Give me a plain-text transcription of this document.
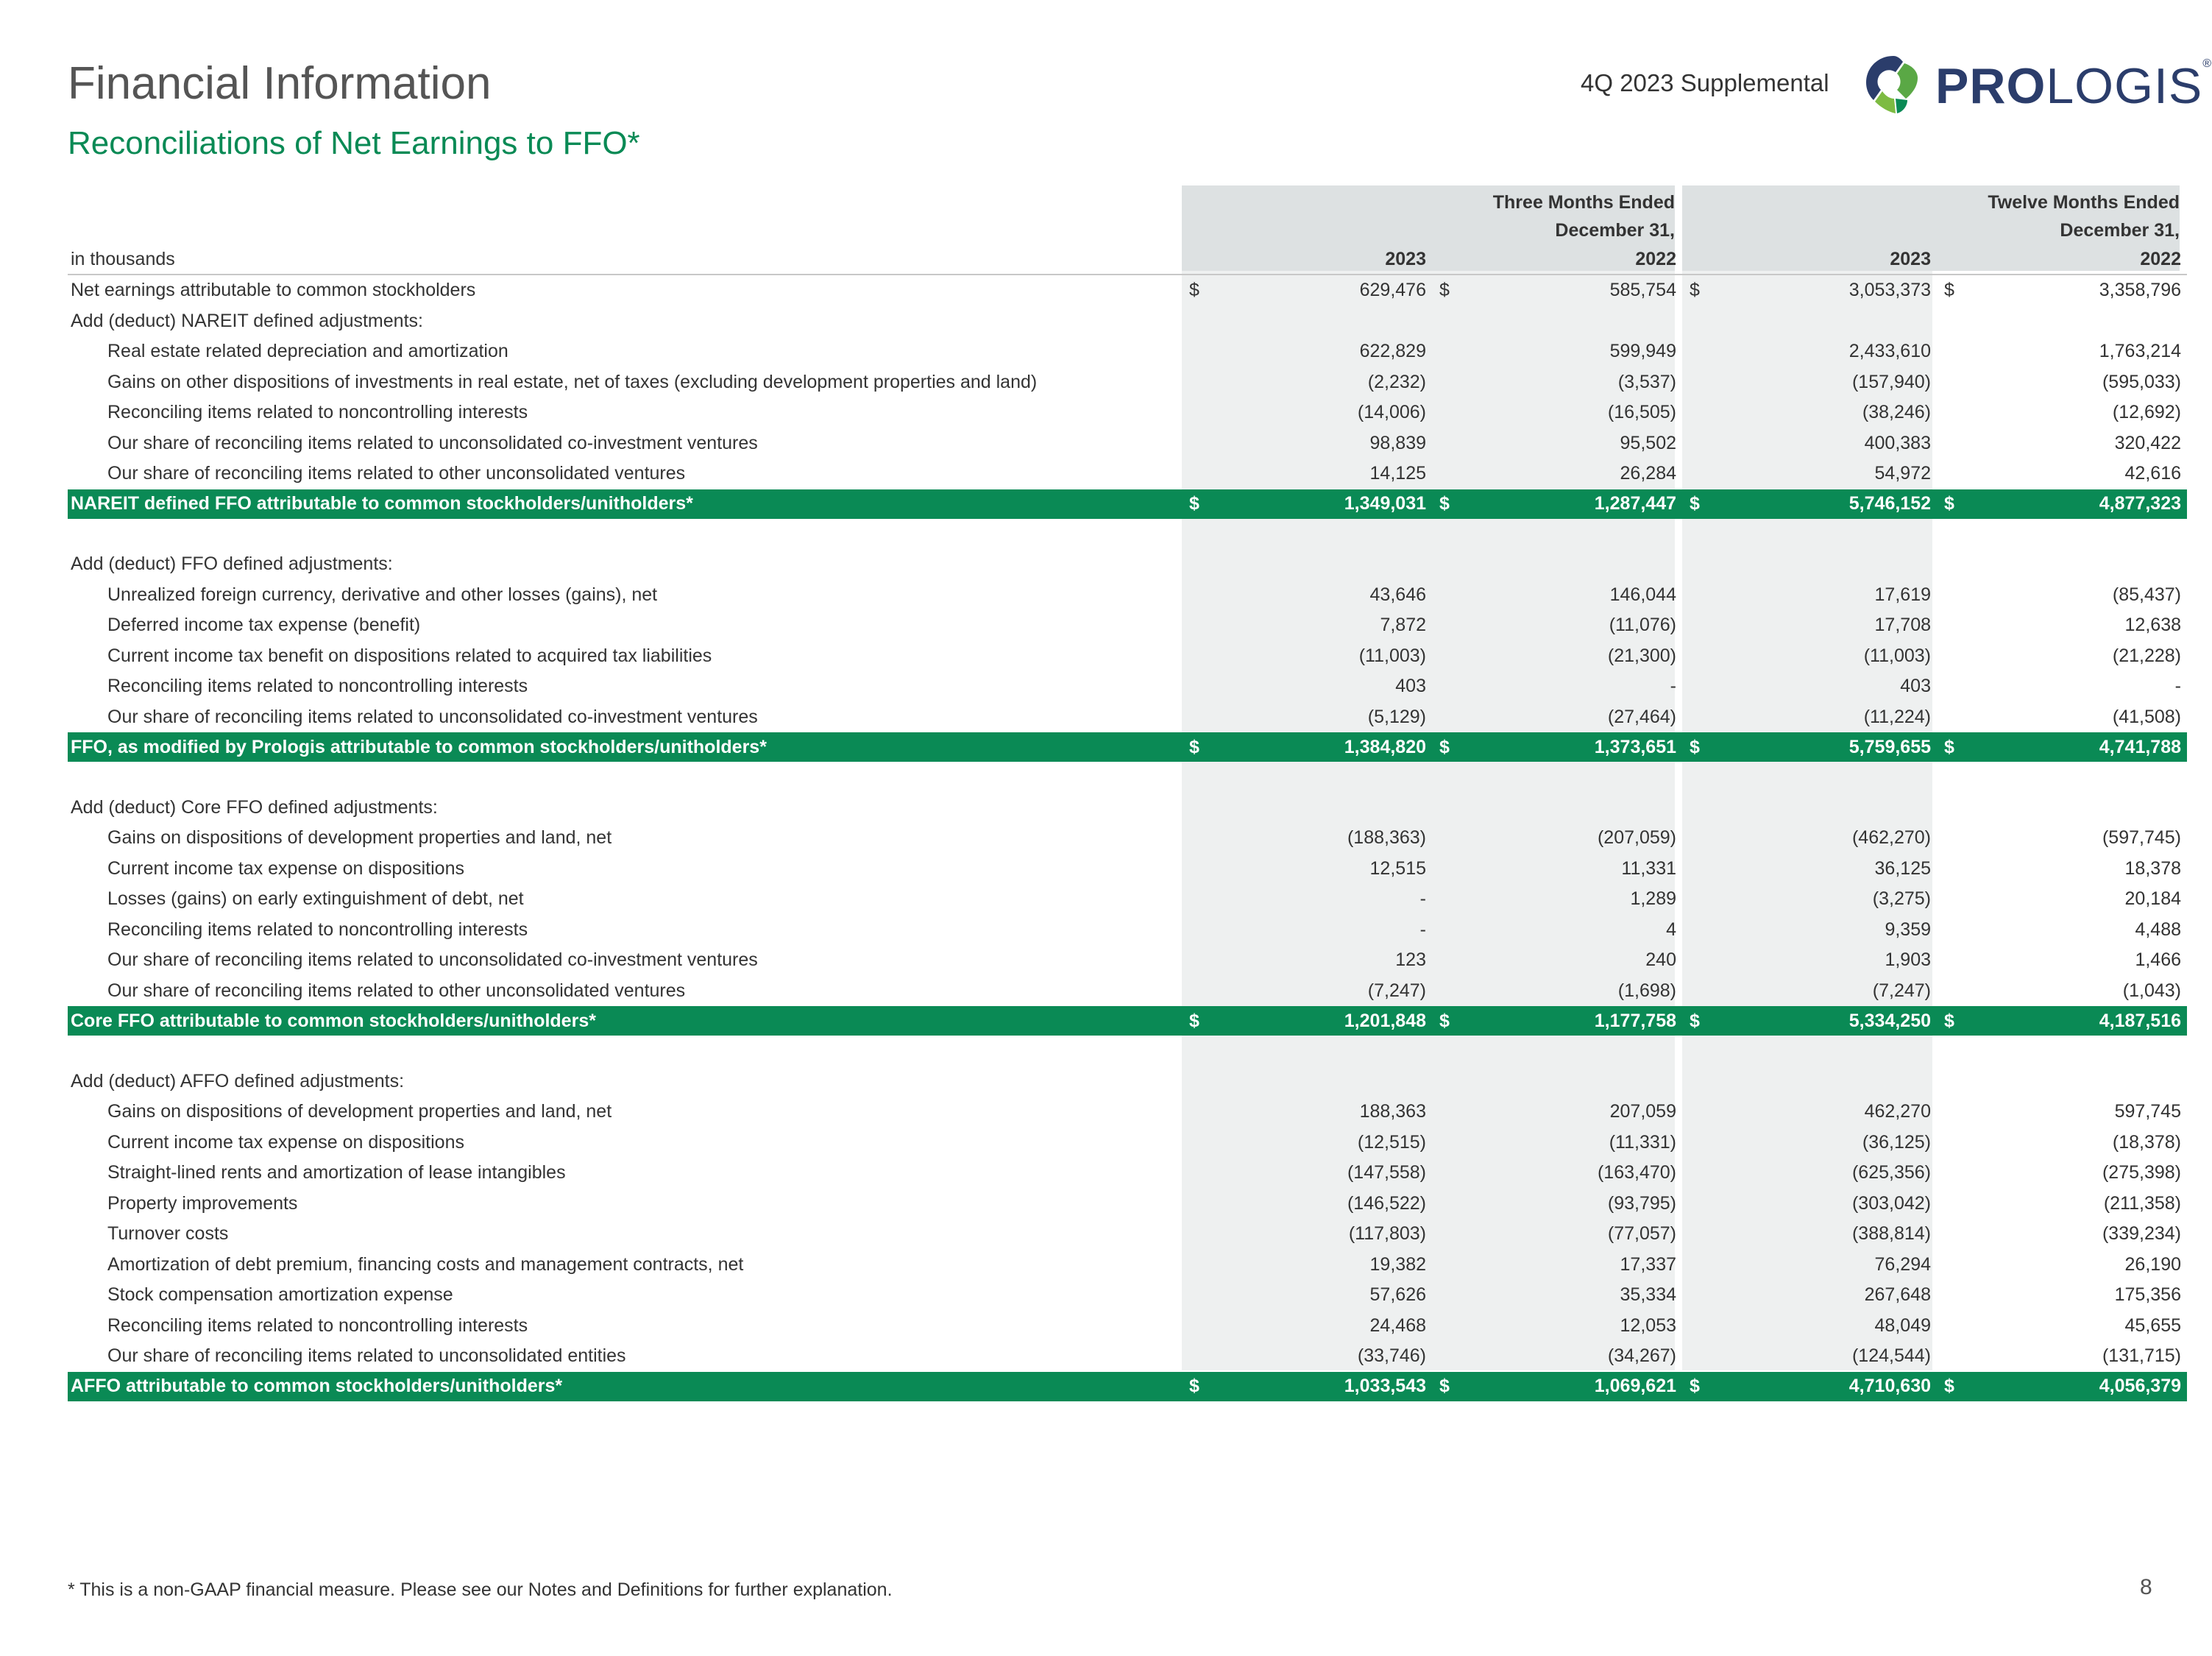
Financial Information
Reconciliations of Net Earnings to FFO*
4Q 2023 Supplemental PROLOGIS®
Three Months Ended
December 31,
Twelve Months Ended
December 31,
in thousands	2023		2022		2023		2022	
Net earnings attributable to common stockholders	$	629,476	$	585,754	$	3,053,373	$	3,358,796
Add (deduct) NAREIT defined adjustments:								
Real estate related depreciation and amortization		622,829		599,949		2,433,610		1,763,214
Gains on other dispositions of investments in real estate, net of taxes (excluding development properties and land)		(2,232)		(3,537)		(157,940)		(595,033)
Reconciling items related to noncontrolling interests		(14,006)		(16,505)		(38,246)		(12,692)
Our share of reconciling items related to unconsolidated co-investment ventures		98,839		95,502		400,383		320,422
Our share of reconciling items related to other unconsolidated ventures		14,125		26,284		54,972		42,616
NAREIT defined FFO attributable to common stockholders/unitholders*	$	1,349,031	$	1,287,447	$	5,746,152	$	4,877,323

Add (deduct) FFO defined adjustments:								
Unrealized foreign currency, derivative and other losses (gains), net		43,646		146,044		17,619		(85,437)
Deferred income tax expense (benefit)		7,872		(11,076)		17,708		12,638
Current income tax benefit on dispositions related to acquired tax liabilities		(11,003)		(21,300)		(11,003)		(21,228)
Reconciling items related to noncontrolling interests		403		-		403		-
Our share of reconciling items related to unconsolidated co-investment ventures		(5,129)		(27,464)		(11,224)		(41,508)
FFO, as modified by Prologis attributable to common stockholders/unitholders*	$	1,384,820	$	1,373,651	$	5,759,655	$	4,741,788

Add (deduct) Core FFO defined adjustments:								
Gains on dispositions of development properties and land, net		(188,363)		(207,059)		(462,270)		(597,745)
Current income tax expense on dispositions		12,515		11,331		36,125		18,378
Losses (gains) on early extinguishment of debt, net		-		1,289		(3,275)		20,184
Reconciling items related to noncontrolling interests		-		4		9,359		4,488
Our share of reconciling items related to unconsolidated co-investment ventures		123		240		1,903		1,466
Our share of reconciling items related to other unconsolidated ventures		(7,247)		(1,698)		(7,247)		(1,043)
Core FFO attributable to common stockholders/unitholders*	$	1,201,848	$	1,177,758	$	5,334,250	$	4,187,516

Add (deduct) AFFO defined adjustments:								
Gains on dispositions of development properties and land, net		188,363		207,059		462,270		597,745
Current income tax expense on dispositions		(12,515)		(11,331)		(36,125)		(18,378)
Straight-lined rents and amortization of lease intangibles		(147,558)		(163,470)		(625,356)		(275,398)
Property improvements		(146,522)		(93,795)		(303,042)		(211,358)
Turnover costs		(117,803)		(77,057)		(388,814)		(339,234)
Amortization of debt premium, financing costs and management contracts, net		19,382		17,337		76,294		26,190
Stock compensation amortization expense		57,626		35,334		267,648		175,356
Reconciling items related to noncontrolling interests		24,468		12,053		48,049		45,655
Our share of reconciling items related to unconsolidated entities		(33,746)		(34,267)		(124,544)		(131,715)
AFFO attributable to common stockholders/unitholders*	$	1,033,543	$	1,069,621	$	4,710,630	$	4,056,379
* This is a non-GAAP financial measure. Please see our Notes and Definitions for further explanation.	8
